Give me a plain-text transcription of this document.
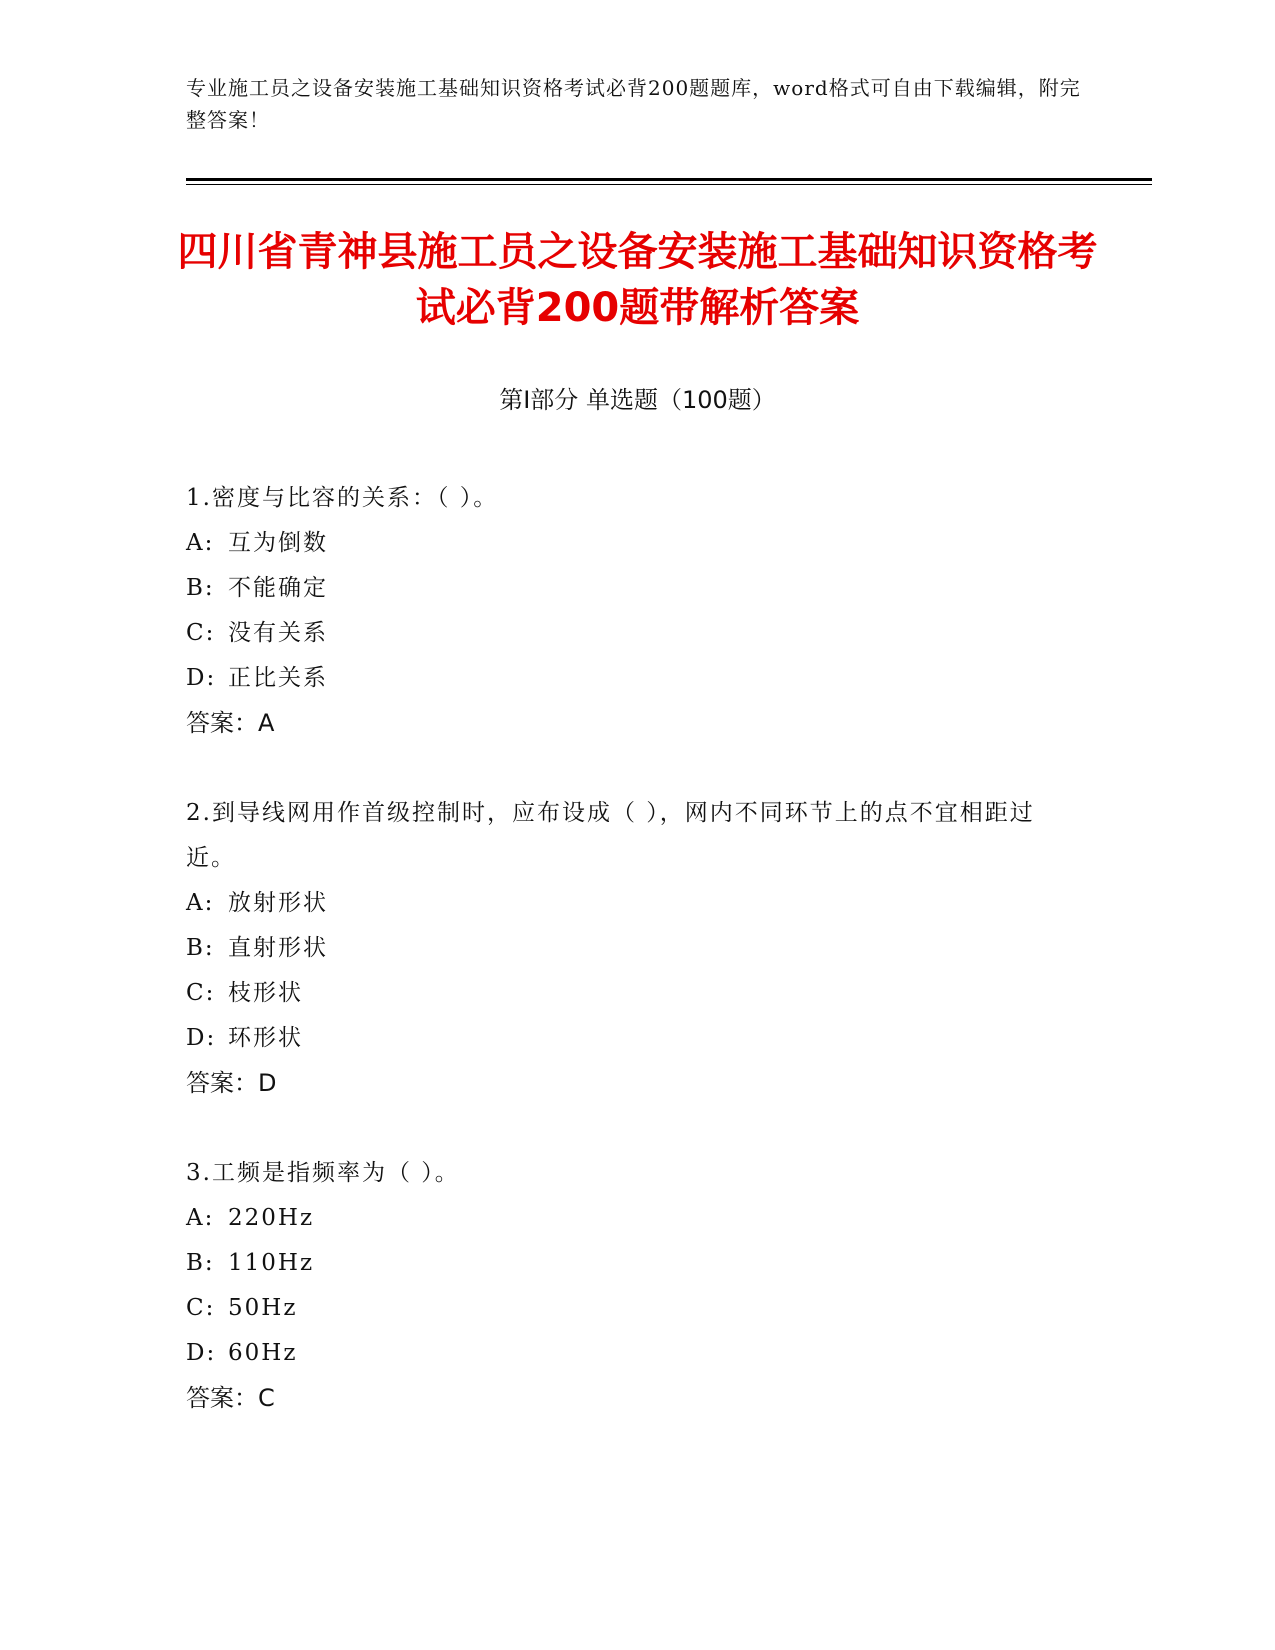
专业施工员之设备安装施工基础知识资格考试必背200题题库，word格式可自由下载编辑，附完整答案！
四川省青神县施工员之设备安装施工基础知识资格考试必背200题带解析答案
第Ⅰ部分 单选题（100题）
1.密度与比容的关系：（ ）。
A: 互为倒数
B: 不能确定
C: 没有关系
D: 正比关系
答案：A
2.到导线网用作首级控制时，应布设成（ ），网内不同环节上的点不宜相距过近。
A: 放射形状
B: 直射形状
C: 枝形状
D: 环形状
答案：D
3.工频是指频率为（ ）。
A: 220Hz
B: 110Hz
C: 50Hz
D: 60Hz
答案：C
